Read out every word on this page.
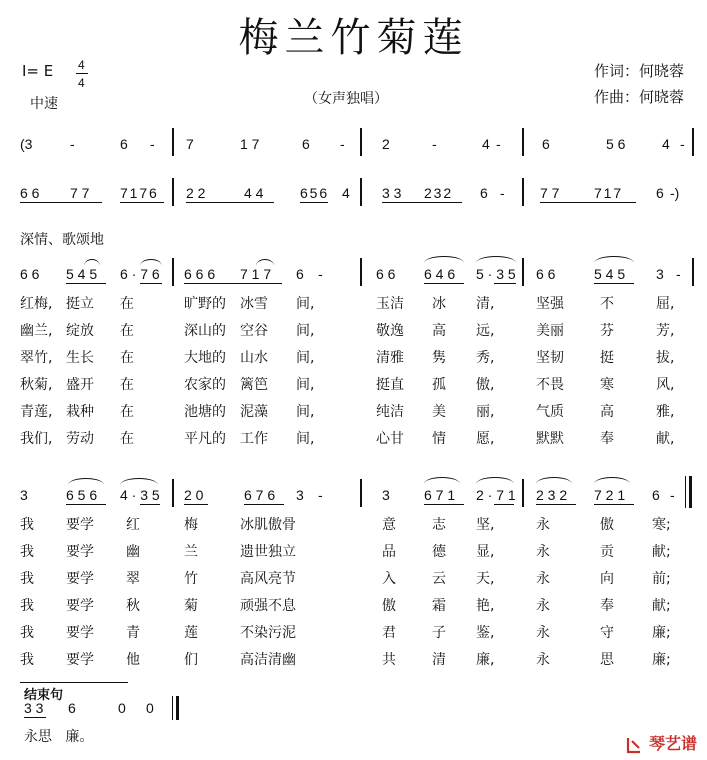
梅兰竹菊莲
I= E 4
4
中速	（女声独唱）
作词：何晓蓉
作曲：何晓蓉
(3	-	6 - 7	1 7	6 -	2	-	4 -	6	5 6	4 -
6 6 7 7 7 1 7 6 2 2	4 4	6 5 6 4 3 3 2 3 2 6 -	7 7 7 1 7	6 -)
深情、歌颂地
6 6 5 4 5 6 · 7 6 6 6 6 7 1 7 6 -	6 6 6 4 6 5 · 3 5 6 6	5 4 5 3 -
红梅, 挺立 在	旷野的 冰雪 间,	玉洁 冰 清,	坚强	不	屈,
幽兰, 绽放 在	深山的 空谷 间,	敬逸 高 远,	美丽	芬	芳,
翠竹, 生长 在	大地的 山水 间,	清雅 隽 秀,	坚韧	挺	拔,
秋菊, 盛开 在	农家的 篱笆 间,	挺直 孤 傲,	不畏	寒	风,
青莲, 栽种 在	池塘的 泥藻 间,	纯洁 美 丽,	气质	高	雅,
我们, 劳动 在	平凡的 工作 间,	心甘 情 愿,	默默	奉	献,
3	6 5 6 4 · 3 5 2 0	6 7 6 3 -	3 6 7 1 2 · 7 1 2 3 2 7 2 1 6 -
我 要学 红	梅	冰肌傲骨	意	志 坚,	永	傲	寒;
我 要学 幽	兰	遗世独立	品	德 显,	永	贡	献;
我 要学 翠	竹	高风亮节	入	云 天,	永	向	前;
我 要学 秋	菊	顽强不息	傲	霜 艳,	永	奉	献;
我 要学 青	莲	不染污泥	君	子 鉴,	永	守	廉;
我 要学 他	们	高洁清幽	共	清 廉,	永	思	廉;
结束句
3 3 6	0 0
永思   廉。	琴艺谱
